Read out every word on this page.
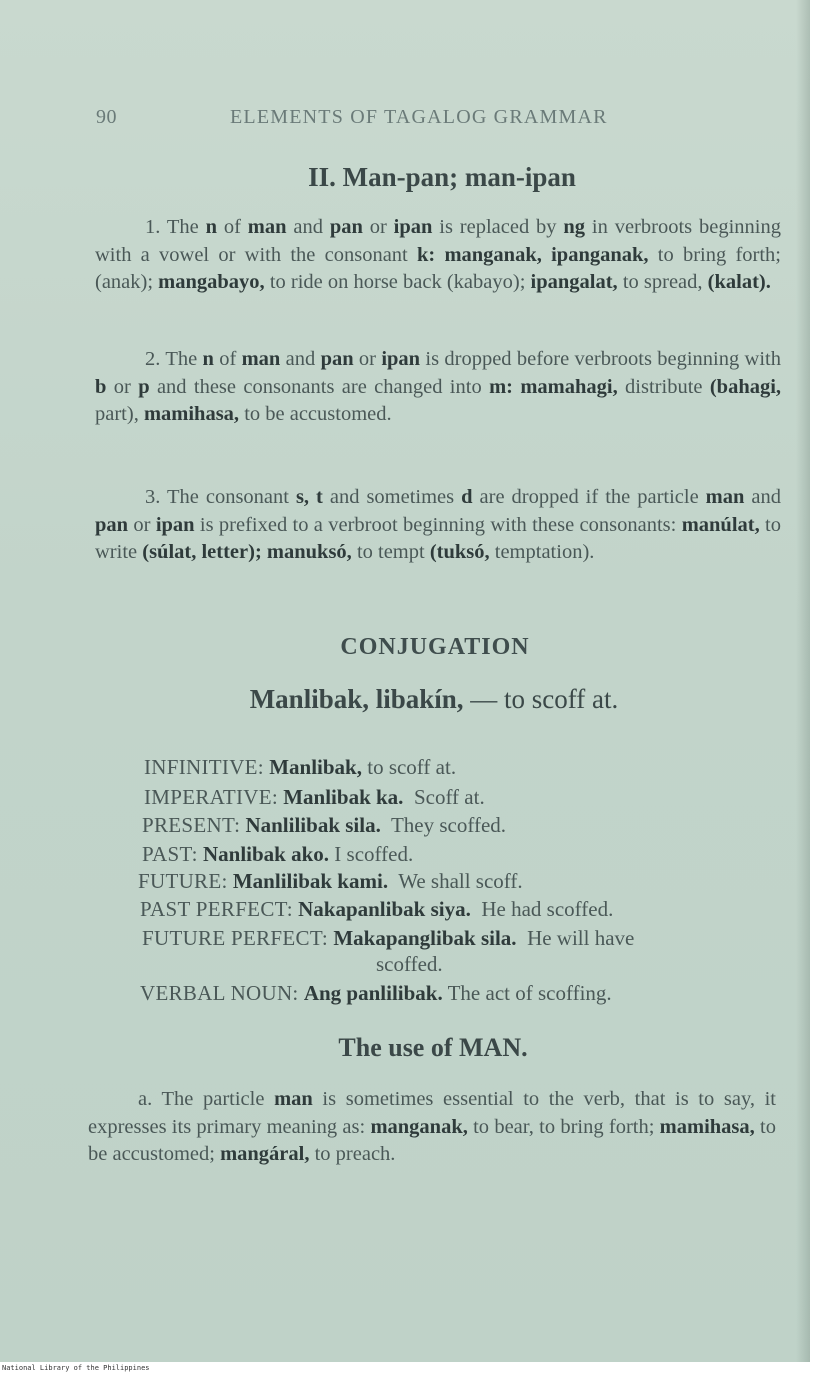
90	ELEMENTS OF TAGALOG GRAMMAR
II. Man-pan; man-ipan
1. The n of man and pan or ipan is replaced by ng in verbroots beginning with a vowel or with the consonant k: manganak, ipanganak, to bring forth; (anak); mangabayo, to ride on horse back (kabayo); ipangalat, to spread, (kalat).
2. The n of man and pan or ipan is dropped before verbroots beginning with b or p and these consonants are changed into m: mamahagi, distribute (bahagi, part), mamihasa, to be accustomed.
3. The consonant s, t and sometimes d are dropped if the particle man and pan or ipan is prefixed to a verbroot beginning with these consonants: manúlat, to write (súlat, letter); manuksó, to tempt (tuksó, temptation).
CONJUGATION
Manlibak, libakín, — to scoff at.
INFINITIVE: Manlibak, to scoff at.
IMPERATIVE: Manlibak ka. Scoff at.
PRESENT: Nanlilibak sila. They scoffed.
PAST: Nanlibak ako. I scoffed.
FUTURE: Manlilibak kami. We shall scoff.
PAST PERFECT: Nakapanlibak siya. He had scoffed.
FUTURE PERFECT: Makapanglibak sila. He will have
scoffed.
VERBAL NOUN: Ang panlilibak. The act of scoffing.
The use of MAN.
a. The particle man is sometimes essential to the verb, that is to say, it expresses its primary meaning as: manganak, to bear, to bring forth; mamihasa, to be accustomed; mangáral, to preach.
National Library of the Philippines
